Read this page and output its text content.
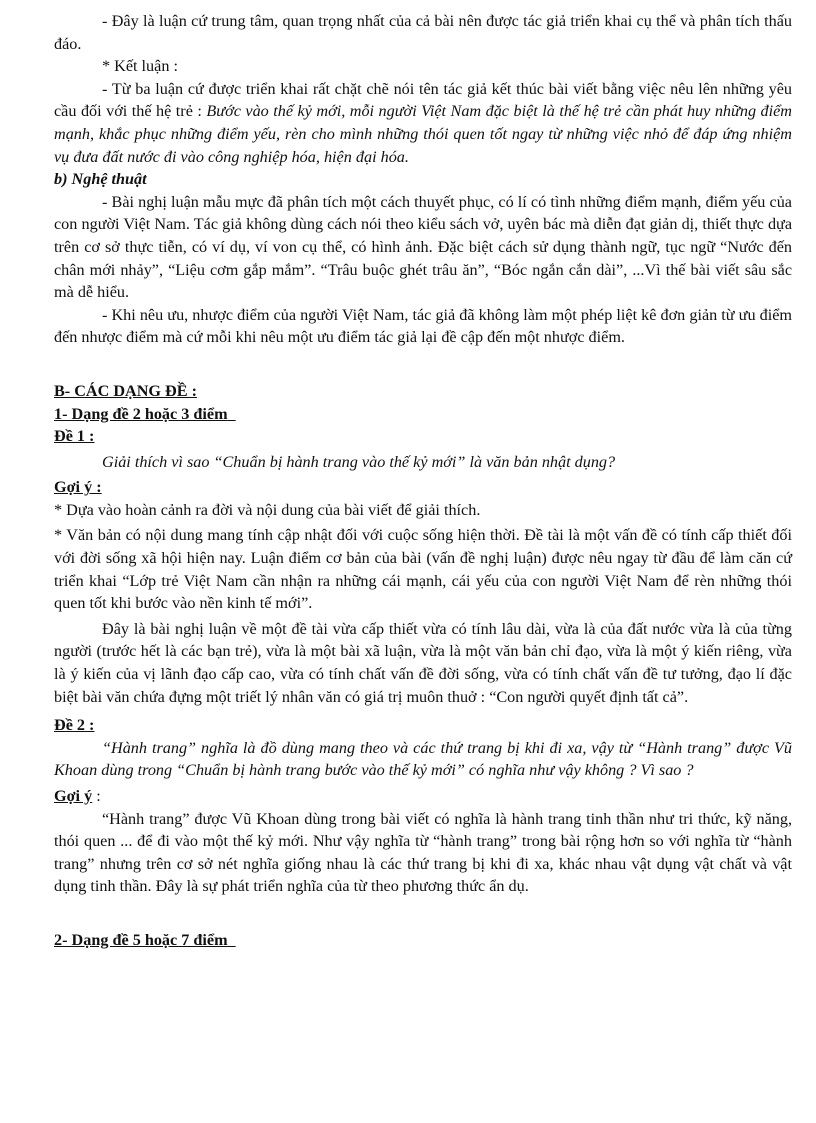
- Đây là luận cứ trung tâm, quan trọng nhất của cả bài nên được tác giả triển khai cụ thể và phân tích thấu đáo.

* Kết luận :

- Từ ba luận cứ được triển khai rất chặt chẽ nói tên tác giả kết thúc bài viết bằng việc nêu lên những yêu cầu đối với thế hệ trẻ : Bước vào thế kỷ mới, mỗi người Việt Nam đặc biệt là thế hệ trẻ cần phát huy những điểm mạnh, khắc phục những điểm yếu, rèn cho mình những thói quen tốt ngay từ những việc nhỏ để đáp ứng nhiệm vụ đưa đất nước đi vào công nghiệp hóa, hiện đại hóa.

b) Nghệ thuật

- Bài nghị luận mẫu mực đã phân tích một cách thuyết phục, có lí có tình những điểm mạnh, điểm yếu của con người Việt Nam. Tác giả không dùng cách nói theo kiểu sách vở, uyên bác mà diễn đạt giản dị, thiết thực dựa trên cơ sở thực tiễn, có ví dụ, ví von cụ thể, có hình ảnh. Đặc biệt cách sử dụng thành ngữ, tục ngữ “Nước đến chân mới nhảy”, “Liệu cơm gắp mắm”. “Trâu buộc ghét trâu ăn”, “Bóc ngắn cắn dài”, ...Vì thế bài viết sâu sắc mà dễ hiểu.

- Khi nêu ưu, nhược điểm của người Việt Nam, tác giả đã không làm một phép liệt kê đơn giản từ ưu điểm đến nhược điểm mà cứ mỗi khi nêu một ưu điểm tác giả lại đề cập đến một nhược điểm.

B- CÁC DẠNG ĐỀ :

1- Dạng đề 2 hoặc 3 điểm

Đề 1 :

Giải thích vì sao “Chuẩn bị hành trang vào thế kỷ mới” là văn bản nhật dụng?

Gợi ý :

* Dựa vào hoàn cảnh ra đời và nội dung của bài viết để giải thích.

* Văn bản có nội dung mang tính cập nhật đối với cuộc sống hiện thời. Đề tài là một vấn đề có tính cấp thiết đối với đời sống xã hội hiện nay. Luận điểm cơ bản của bài (vấn đề nghị luận) được nêu ngay từ đầu để làm căn cứ triển khai “Lớp trẻ Việt Nam cần nhận ra những cái mạnh, cái yếu của con người Việt Nam để rèn những thói quen tốt khi bước vào nền kinh tế mới”.

Đây là bài nghị luận về một đề tài vừa cấp thiết vừa có tính lâu dài, vừa là của đất nước vừa là của từng người (trước hết là các bạn trẻ), vừa là một bài xã luận, vừa là một văn bản chỉ đạo, vừa là một ý kiến riêng, vừa là ý kiến của vị lãnh đạo cấp cao, vừa có tính chất vấn đề đời sống, vừa có tính chất vấn đề tư tưởng, đạo lí đặc biệt bài văn chứa đựng một triết lý nhân văn có giá trị muôn thuở : “Con người quyết định tất cả”.

Đề 2 :

“Hành trang” nghĩa là đồ dùng mang theo và các thứ trang bị khi đi xa, vậy từ “Hành trang” được Vũ Khoan dùng trong “Chuẩn bị hành trang bước vào thế kỷ mới” có nghĩa như vậy không ? Vì sao ?

Gợi ý :

“Hành trang” được Vũ Khoan dùng trong bài viết có nghĩa là hành trang tinh thần như tri thức, kỹ năng, thói quen ... để đi vào một thế kỷ mới. Như vậy nghĩa từ “hành trang” trong bài rộng hơn so với nghĩa từ “hành trang” nhưng trên cơ sở nét nghĩa giống nhau là các thứ trang bị khi đi xa, khác nhau vật dụng vật chất và vật dụng tinh thần. Đây là sự phát triển nghĩa của từ theo phương thức ẩn dụ.

2- Dạng đề 5 hoặc 7 điểm
